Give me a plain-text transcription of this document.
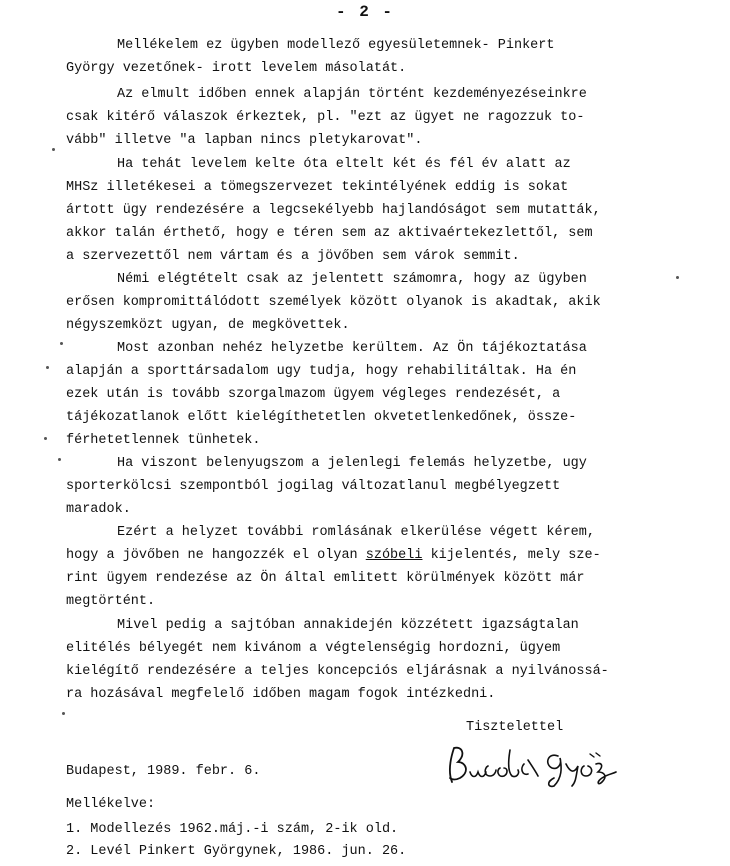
- 2 -
Mellékelem ez ügyben modellező egyesületemnek- Pinkert
György vezetőnek- irott levelem másolatát.
Az elmult időben ennek alapján történt kezdeményezéseinkre
csak kitérő válaszok érkeztek, pl. "ezt az ügyet ne ragozzuk to-
vább" illetve "a lapban nincs pletykarovat".
Ha tehát levelem kelte óta eltelt két és fél év alatt az
MHSz illetékesei a tömegszervezet tekintélyének eddig is sokat
ártott ügy rendezésére a legcsekélyebb hajlandóságot sem mutatták,
akkor talán érthető, hogy e téren sem az aktivaértekezlettől, sem
a szervezettől nem vártam és a jövőben sem várok semmit.
Némi elégtételt csak az jelentett számomra, hogy az ügyben
erősen kompromittálódott személyek között olyanok is akadtak, akik
négyszemközt ugyan, de megkövettek.
Most azonban nehéz helyzetbe kerültem. Az Ön tájékoztatása
alapján a sporttársadalom ugy tudja, hogy rehabilitáltak. Ha én
ezek után is tovább szorgalmazom ügyem végleges rendezését, a
tájékozatlanok előtt kielégíthetetlen okvetetlenkedőnek, össze-
férhetetlennek tünhetek.
Ha viszont belenyugszom a jelenlegi felemás helyzetbe, ugy
sporterkölcsi szempontból jogilag változatlanul megbélyegzett
maradok.
Ezért a helyzet további romlásának elkerülése végett kérem,
hogy a jövőben ne hangozzék el olyan szóbeli kijelentés, mely sze-
rint ügyem rendezése az Ön által emlitett körülmények között már
megtörtént.
Mivel pedig a sajtóban annakidején közzétett igazságtalan
elitélés bélyegét nem kivánom a végtelenségig hordozni, ügyem
kielégítő rendezésére a teljes koncepciós eljárásnak a nyilvánossá-
ra hozásával megfelelő időben magam fogok intézkedni.
Tisztelettel
Budapest, 1989. febr. 6.
Mellékelve:
1. Modellezés 1962.máj.-i szám, 2-ik old.
2. Levél Pinkert Györgynek, 1986. jun. 26.
